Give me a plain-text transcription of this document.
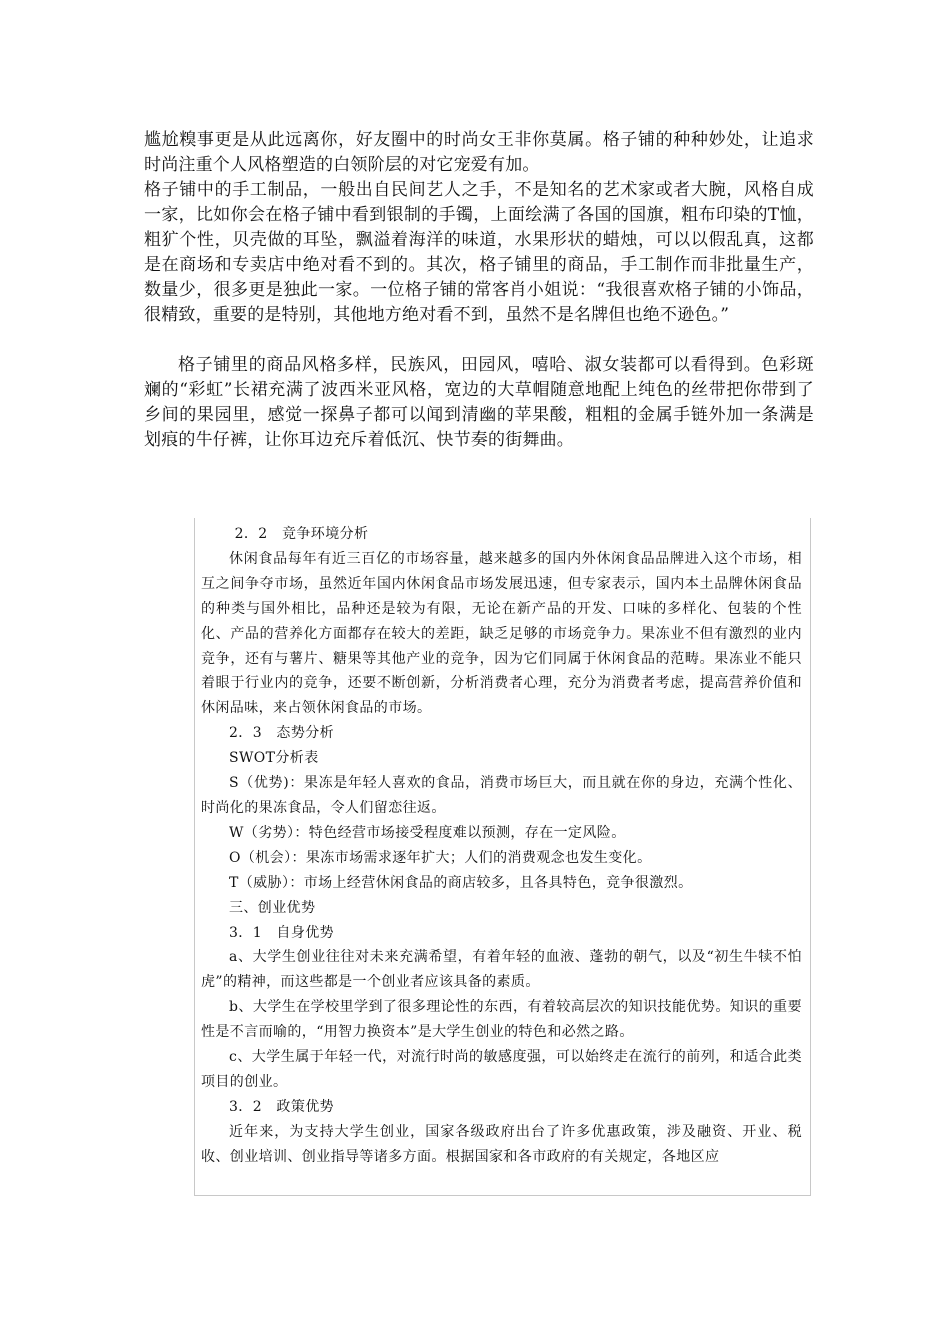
尴尬糗事更是从此远离你，好友圈中的时尚女王非你莫属。格子铺的种种妙处，让追求时尚注重个人风格塑造的白领阶层的对它宠爱有加。

格子铺中的手工制品，一般出自民间艺人之手，不是知名的艺术家或者大腕，风格自成一家，比如你会在格子铺中看到银制的手镯，上面绘满了各国的国旗，粗布印染的T恤，粗犷个性，贝壳做的耳坠，飘溢着海洋的味道，水果形状的蜡烛，可以以假乱真，这都是在商场和专卖店中绝对看不到的。其次，格子铺里的商品，手工制作而非批量生产，数量少，很多更是独此一家。一位格子铺的常客肖小姐说：“我很喜欢格子铺的小饰品，很精致，重要的是特别，其他地方绝对看不到，虽然不是名牌但也绝不逊色。”

格子铺里的商品风格多样，民族风，田园风，嘻哈、淑女装都可以看得到。色彩斑斓的“彩虹”长裙充满了波西米亚风格，宽边的大草帽随意地配上纯色的丝带把你带到了乡间的果园里，感觉一探鼻子都可以闻到清幽的苹果酸，粗粗的金属手链外加一条满是划痕的牛仔裤，让你耳边充斥着低沉、快节奏的街舞曲。

2．2　竞争环境分析

休闲食品每年有近三百亿的市场容量，越来越多的国内外休闲食品品牌进入这个市场，相互之间争夺市场，虽然近年国内休闲食品市场发展迅速，但专家表示，国内本土品牌休闲食品的种类与国外相比，品种还是较为有限，无论在新产品的开发、口味的多样化、包装的个性化、产品的营养化方面都存在较大的差距，缺乏足够的市场竞争力。果冻业不但有激烈的业内竞争，还有与薯片、糖果等其他产业的竞争，因为它们同属于休闲食品的范畴。果冻业不能只着眼于行业内的竞争，还要不断创新，分析消费者心理，充分为消费者考虑，提高营养价值和休闲品味，来占领休闲食品的市场。

2．3　态势分析

SWOT分析表

S（优势)：果冻是年轻人喜欢的食品，消费市场巨大，而且就在你的身边，充满个性化、时尚化的果冻食品，令人们留恋往返。

W（劣势）：特色经营市场接受程度难以预测，存在一定风险。

O（机会）：果冻市场需求逐年扩大；人们的消费观念也发生变化。

T（威胁）：市场上经营休闲食品的商店较多，且各具特色，竞争很激烈。

三、创业优势

3．1　自身优势

a、大学生创业往往对未来充满希望，有着年轻的血液、蓬勃的朝气，以及“初生牛犊不怕虎”的精神，而这些都是一个创业者应该具备的素质。

b、大学生在学校里学到了很多理论性的东西，有着较高层次的知识技能优势。知识的重要性是不言而喻的，“用智力换资本”是大学生创业的特色和必然之路。

c、大学生属于年轻一代，对流行时尚的敏感度强，可以始终走在流行的前列，和适合此类项目的创业。

3．2　政策优势

近年来，为支持大学生创业，国家各级政府出台了许多优惠政策，涉及融资、开业、税收、创业培训、创业指导等诸多方面。根据国家和各市政府的有关规定，各地区应
